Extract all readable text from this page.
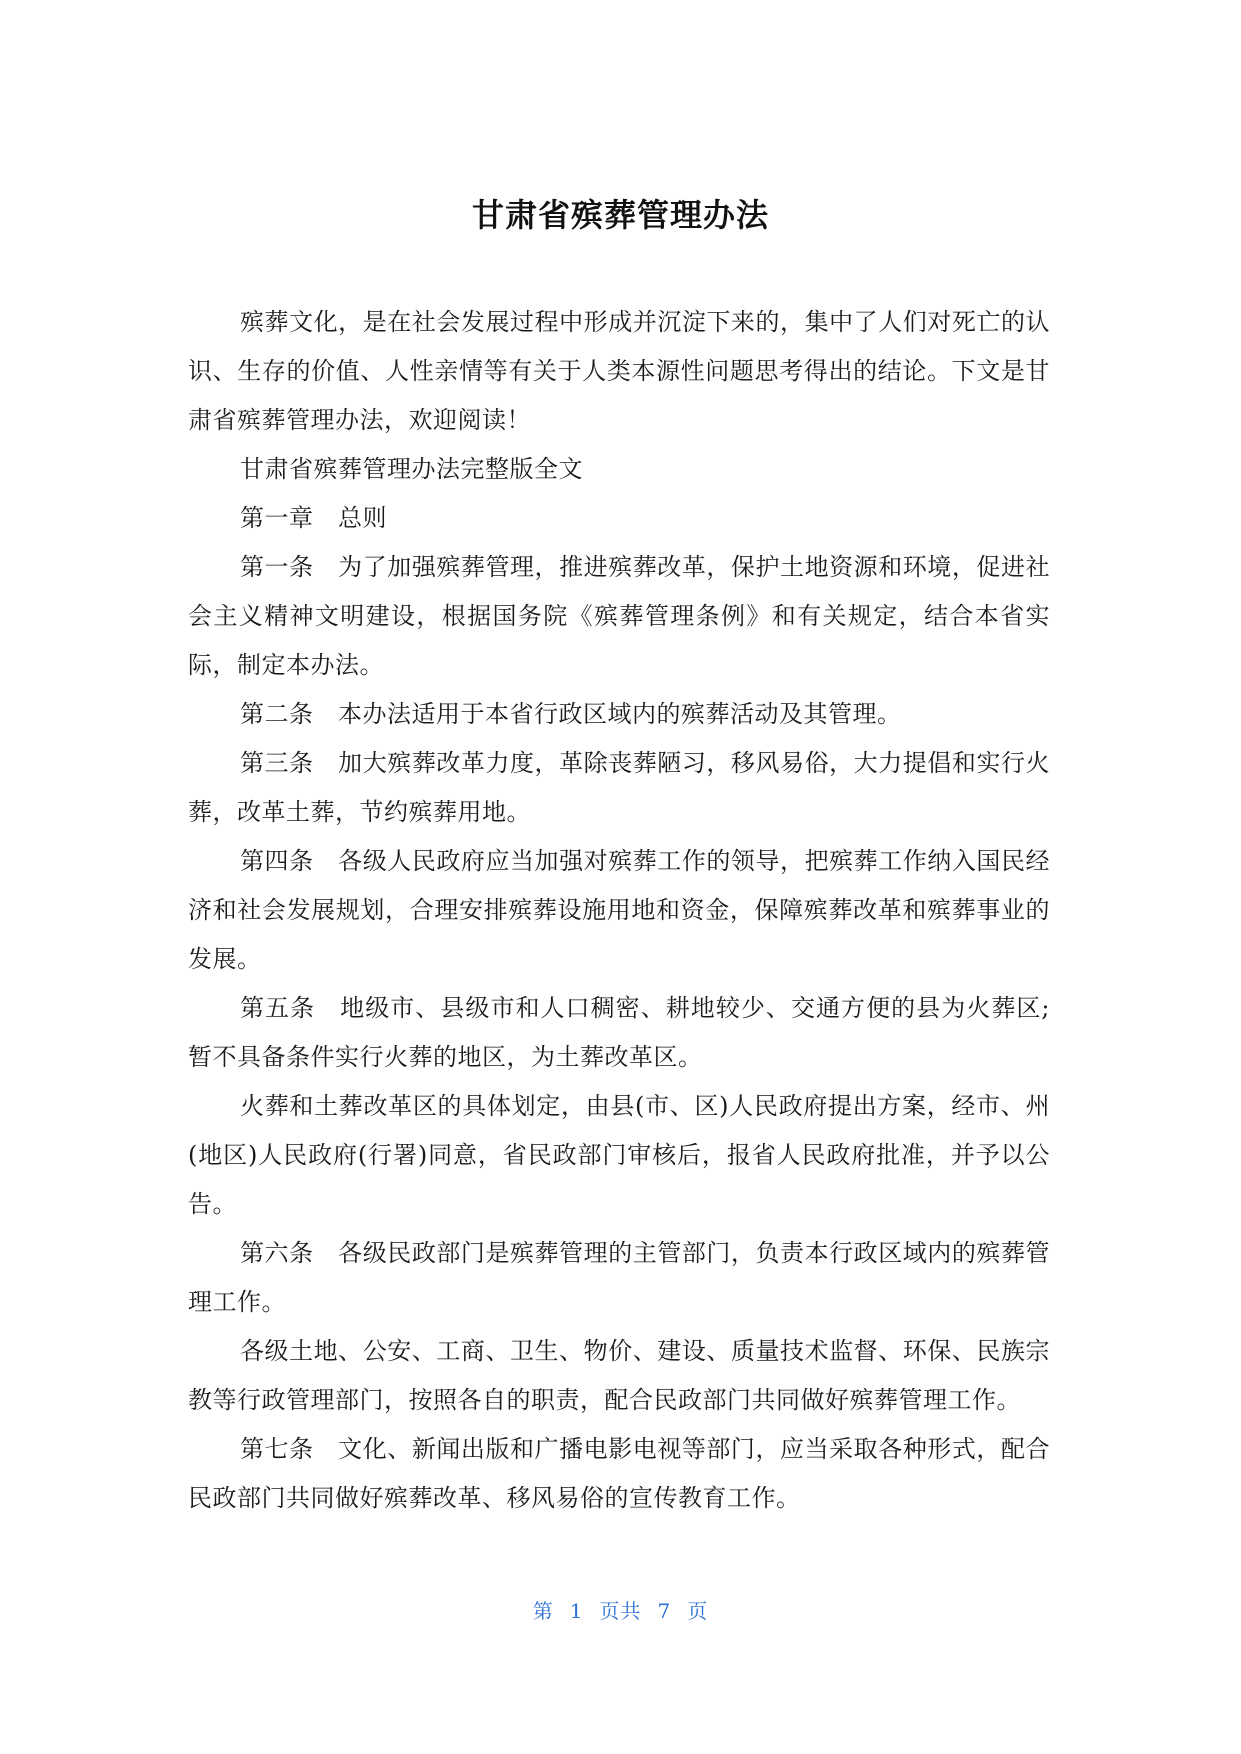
甘肃省殡葬管理办法

殡葬文化，是在社会发展过程中形成并沉淀下来的，集中了人们对死亡的认识、生存的价值、人性亲情等有关于人类本源性问题思考得出的结论。下文是甘肃省殡葬管理办法，欢迎阅读！

甘肃省殡葬管理办法完整版全文

第一章　总则

第一条　为了加强殡葬管理，推进殡葬改革，保护土地资源和环境，促进社会主义精神文明建设，根据国务院《殡葬管理条例》和有关规定，结合本省实际，制定本办法。

第二条　本办法适用于本省行政区域内的殡葬活动及其管理。

第三条　加大殡葬改革力度，革除丧葬陋习，移风易俗，大力提倡和实行火葬，改革土葬，节约殡葬用地。

第四条　各级人民政府应当加强对殡葬工作的领导，把殡葬工作纳入国民经济和社会发展规划，合理安排殡葬设施用地和资金，保障殡葬改革和殡葬事业的发展。

第五条　地级市、县级市和人口稠密、耕地较少、交通方便的县为火葬区;暂不具备条件实行火葬的地区，为土葬改革区。

火葬和土葬改革区的具体划定，由县(市、区)人民政府提出方案，经市、州(地区)人民政府(行署)同意，省民政部门审核后，报省人民政府批准，并予以公告。

第六条　各级民政部门是殡葬管理的主管部门，负责本行政区域内的殡葬管理工作。

各级土地、公安、工商、卫生、物价、建设、质量技术监督、环保、民族宗教等行政管理部门，按照各自的职责，配合民政部门共同做好殡葬管理工作。

第七条　文化、新闻出版和广播电影电视等部门，应当采取各种形式，配合民政部门共同做好殡葬改革、移风易俗的宣传教育工作。

第 1 页共 7 页
